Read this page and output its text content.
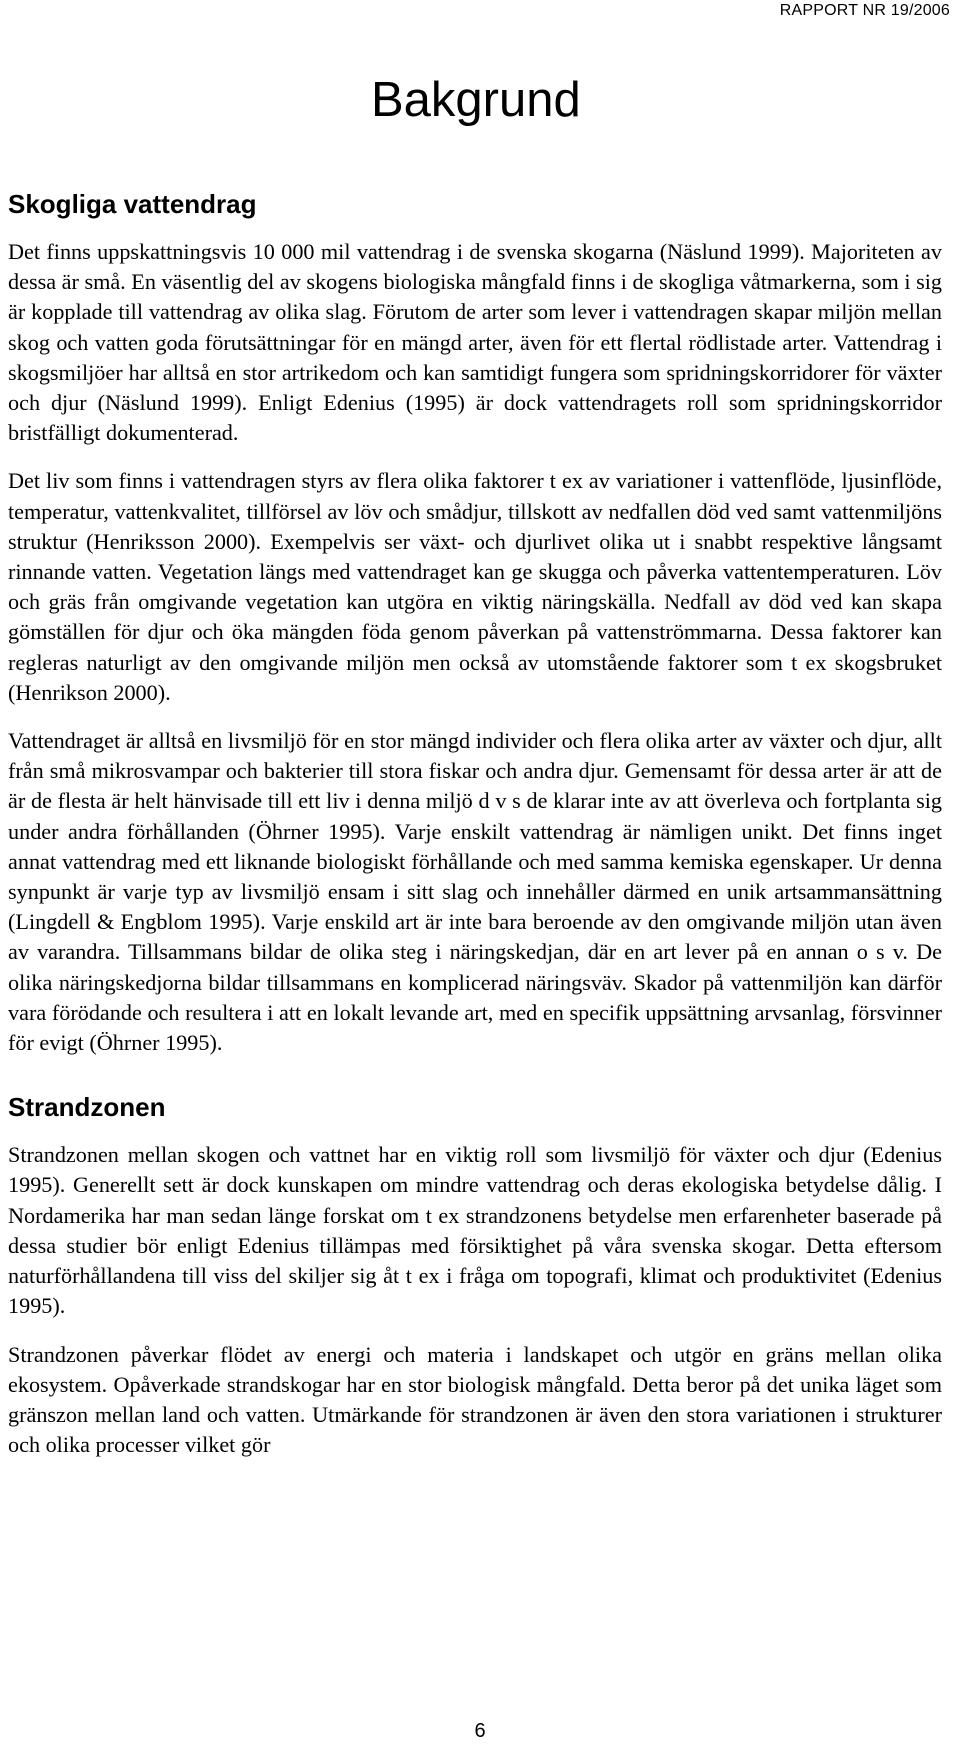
RAPPORT NR 19/2006
Bakgrund
Skogliga vattendrag

Det finns uppskattningsvis 10 000 mil vattendrag i de svenska skogarna (Näslund 1999). Majoriteten av dessa är små. En väsentlig del av skogens biologiska mångfald finns i de skogliga våtmarkerna, som i sig är kopplade till vattendrag av olika slag. Förutom de arter som lever i vattendragen skapar miljön mellan skog och vatten goda förutsättningar för en mängd arter, även för ett flertal rödlistade arter. Vattendrag i skogsmiljöer har alltså en stor artrikedom och kan samtidigt fungera som spridningskorridorer för växter och djur (Näslund 1999). Enligt Edenius (1995) är dock vattendragets roll som spridningskorridor bristfälligt dokumenterad.

Det liv som finns i vattendragen styrs av flera olika faktorer t ex av variationer i vattenflöde, ljusinflöde, temperatur, vattenkvalitet, tillförsel av löv och smådjur, tillskott av nedfallen död ved samt vattenmiljöns struktur (Henriksson 2000). Exempelvis ser växt- och djurlivet olika ut i snabbt respektive långsamt rinnande vatten. Vegetation längs med vattendraget kan ge skugga och påverka vattentemperaturen. Löv och gräs från omgivande vegetation kan utgöra en viktig näringskälla. Nedfall av död ved kan skapa gömställen för djur och öka mängden föda genom påverkan på vattenströmmarna. Dessa faktorer kan regleras naturligt av den omgivande miljön men också av utomstående faktorer som t ex skogsbruket (Henrikson 2000).

Vattendraget är alltså en livsmiljö för en stor mängd individer och flera olika arter av växter och djur, allt från små mikrosvampar och bakterier till stora fiskar och andra djur. Gemensamt för dessa arter är att de är de flesta är helt hänvisade till ett liv i denna miljö d v s de klarar inte av att överleva och fortplanta sig under andra förhållanden (Öhrner 1995). Varje enskilt vattendrag är nämligen unikt. Det finns inget annat vattendrag med ett liknande biologiskt förhållande och med samma kemiska egenskaper. Ur denna synpunkt är varje typ av livsmiljö ensam i sitt slag och innehåller därmed en unik artsammansättning (Lingdell & Engblom 1995). Varje enskild art är inte bara beroende av den omgivande miljön utan även av varandra. Tillsammans bildar de olika steg i näringskedjan, där en art lever på en annan o s v. De olika näringskedjorna bildar tillsammans en komplicerad näringsväv. Skador på vattenmiljön kan därför vara förödande och resultera i att en lokalt levande art, med en specifik uppsättning arvsanlag, försvinner för evigt (Öhrner 1995).

Strandzonen

Strandzonen mellan skogen och vattnet har en viktig roll som livsmiljö för växter och djur (Edenius 1995). Generellt sett är dock kunskapen om mindre vattendrag och deras ekologiska betydelse dålig. I Nordamerika har man sedan länge forskat om t ex strandzonens betydelse men erfarenheter baserade på dessa studier bör enligt Edenius tillämpas med försiktighet på våra svenska skogar. Detta eftersom naturförhållandena till viss del skiljer sig åt t ex i fråga om topografi, klimat och produktivitet (Edenius 1995).

Strandzonen påverkar flödet av energi och materia i landskapet och utgör en gräns mellan olika ekosystem. Opåverkade strandskogar har en stor biologisk mångfald. Detta beror på det unika läget som gränszon mellan land och vatten. Utmärkande för strandzonen är även den stora variationen i strukturer och olika processer vilket gör

6
